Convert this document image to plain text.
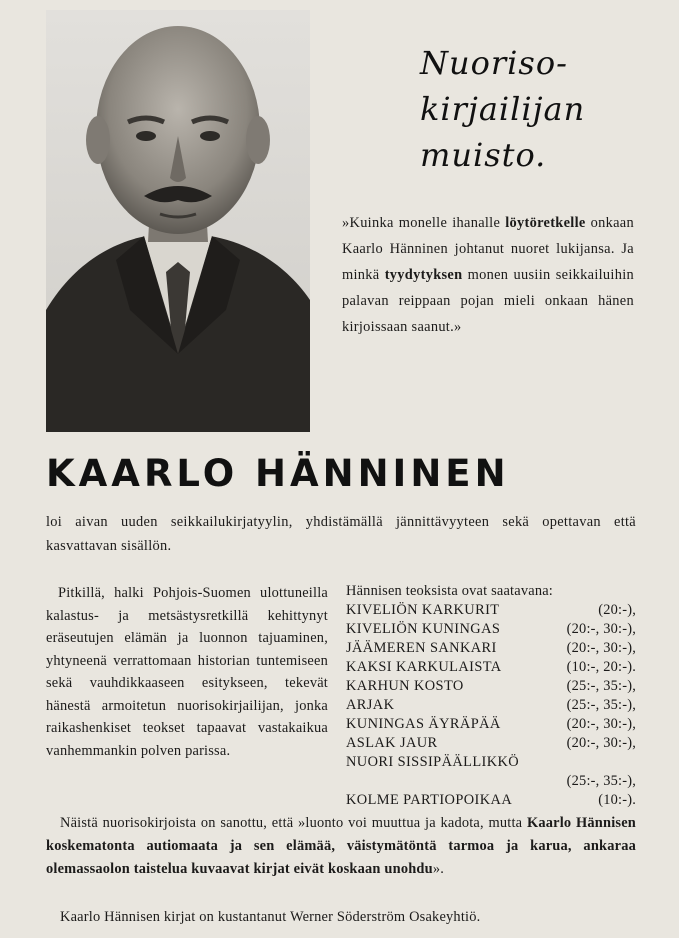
Nuoriso-
kirjailijan
muisto.
»Kuinka monelle ihanalle löytöretkelle onkaan Kaarlo Hänninen johtanut nuoret lukijansa. Ja minkä tyydytyksen monen uusiin seikkailuihin palavan reippaan pojan mieli onkaan hänen kirjoissaan saanut.»
KAARLO HÄNNINEN
loi aivan uuden seikkailukirjatyylin, yhdistämällä jännittävyyteen sekä opettavan että kasvattavan sisällön.
Pitkillä, halki Pohjois-Suomen ulottuneilla kalastus- ja metsästysretkillä kehittynyt eräseutujen elämän ja luonnon tajuaminen, yhtyneenä verrattomaan historian tuntemiseen sekä vauhdikkaaseen esitykseen, tekevät hänestä armoitetun nuorisokirjailijan, jonka raikashenkiset teokset tapaavat vastakaikua vanhemmankin polven parissa.
Hännisen teoksista ovat saatavana:
KIVELIÖN KARKURIT	(20:-),
KIVELIÖN KUNINGAS	(20:-, 30:-),
JÄÄMEREN SANKARI	(20:-, 30:-),
KAKSI KARKULAISTA	(10:-, 20:-).
KARHUN KOSTO	(25:-, 35:-),
ARJAK	(25:-, 35:-),
KUNINGAS ÄYRÄPÄÄ	(20:-, 30:-),
ASLAK JAUR	(20:-, 30:-),
NUORI SISSIPÄÄLLIKKÖ
(25:-, 35:-),
KOLME PARTIOPOIKAA	(10:-).
Näistä nuorisokirjoista on sanottu, että »luonto voi muuttua ja kadota, mutta Kaarlo Hännisen koskematonta autiomaata ja sen elämää, väistymätöntä tarmoa ja karua, ankaraa olemassaolon taistelua kuvaavat kirjat eivät koskaan unohdu».
Kaarlo Hännisen kirjat on kustantanut Werner Söderström Osakeyhtiö.
